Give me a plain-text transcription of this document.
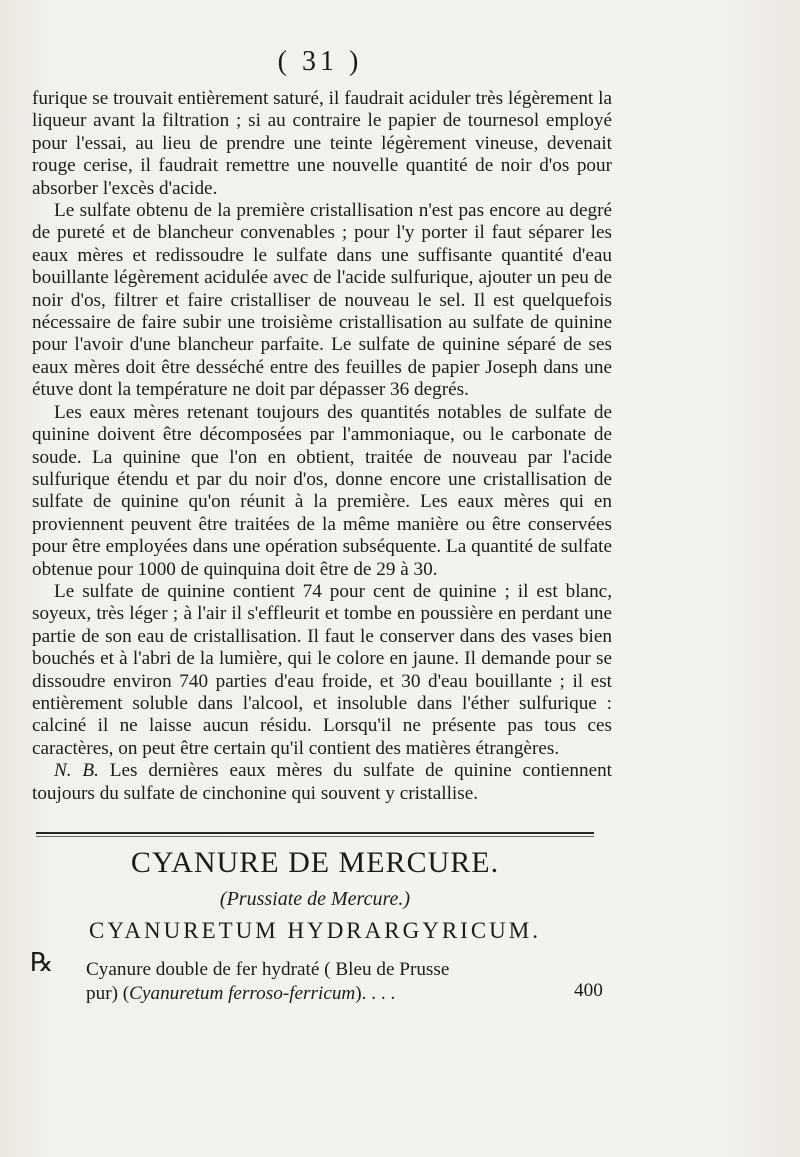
( 31 )

furique se trouvait entièrement saturé, il faudrait aciduler très légèrement la liqueur avant la filtration ; si au contraire le papier de tournesol employé pour l'essai, au lieu de prendre une teinte légèrement vineuse, devenait rouge cerise, il faudrait remettre une nouvelle quantité de noir d'os pour absorber l'excès d'acide.

Le sulfate obtenu de la première cristallisation n'est pas encore au degré de pureté et de blancheur convenables ; pour l'y porter il faut séparer les eaux mères et redissoudre le sulfate dans une suffisante quantité d'eau bouillante légèrement acidulée avec de l'acide sulfurique, ajouter un peu de noir d'os, filtrer et faire cristalliser de nouveau le sel. Il est quelquefois nécessaire de faire subir une troisième cristallisation au sulfate de quinine pour l'avoir d'une blancheur parfaite. Le sulfate de quinine séparé de ses eaux mères doit être desséché entre des feuilles de papier Joseph dans une étuve dont la température ne doit par dépasser 36 degrés.

Les eaux mères retenant toujours des quantités notables de sulfate de quinine doivent être décomposées par l'ammoniaque, ou le carbonate de soude. La quinine que l'on en obtient, traitée de nouveau par l'acide sulfurique étendu et par du noir d'os, donne encore une cristallisation de sulfate de quinine qu'on réunit à la première. Les eaux mères qui en proviennent peuvent être traitées de la même manière ou être conservées pour être employées dans une opération subséquente. La quantité de sulfate obtenue pour 1000 de quinquina doit être de 29 à 30.

Le sulfate de quinine contient 74 pour cent de quinine ; il est blanc, soyeux, très léger ; à l'air il s'effleurit et tombe en poussière en perdant une partie de son eau de cristallisation. Il faut le conserver dans des vases bien bouchés et à l'abri de la lumière, qui le colore en jaune. Il demande pour se dissoudre environ 740 parties d'eau froide, et 30 d'eau bouillante ; il est entièrement soluble dans l'alcool, et insoluble dans l'éther sulfurique : calciné il ne laisse aucun résidu. Lorsqu'il ne présente pas tous ces caractères, on peut être certain qu'il contient des matières étrangères.

N. B. Les dernières eaux mères du sulfate de quinine contiennent toujours du sulfate de cinchonine qui souvent y cristallise.

CYANURE DE MERCURE.
(Prussiate de Mercure.)
CYANURETUM HYDRARGYRICUM.
℞ Cyanure double de fer hydraté ( Bleu de Prusse
pur) (Cyanuretum ferroso-ferricum). . . .	400
